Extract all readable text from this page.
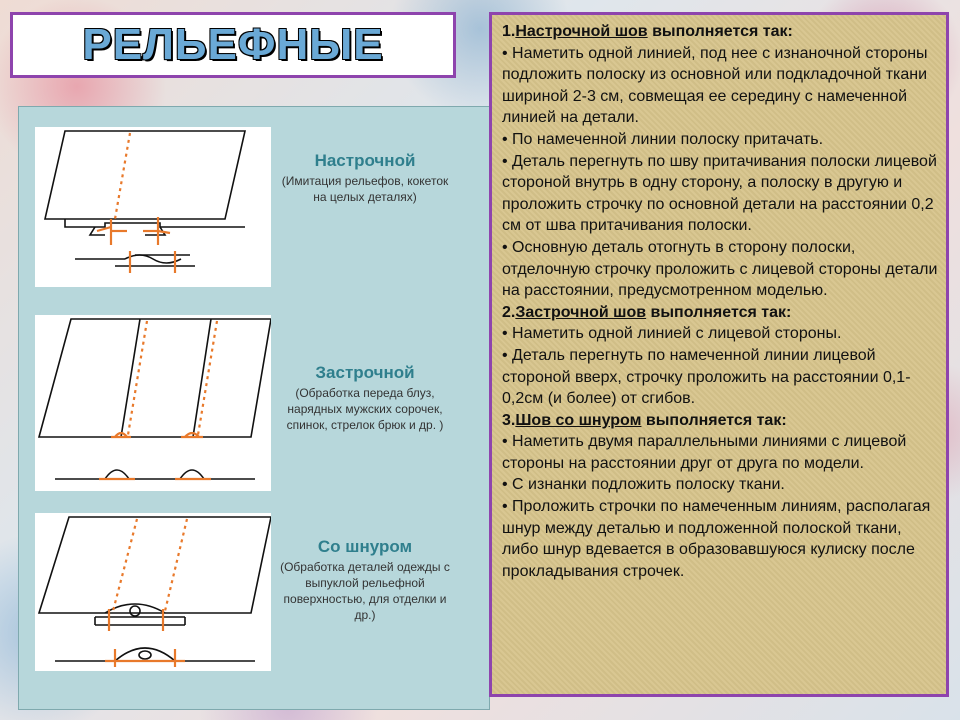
РЕЛЬЕФНЫЕ
Настрочной
(Имитация рельефов, кокеток на целых деталях)
Застрочной
(Обработка переда блуз, нарядных мужских сорочек, спинок, стрелок брюк и др. )
Со шнуром
(Обработка деталей одежды с выпуклой рельефной поверхностью, для отделки и др.)

1.Настрочной шов выполняется так:

• Наметить одной линией, под нее с изнаночной стороны подложить полоску из основной или подкладочной ткани шириной 2-3 см, совмещая ее середину с намеченной линией на детали.

• По намеченной линии полоску притачать.

• Деталь перегнуть по шву притачивания полоски лицевой стороной внутрь в одну сторону, а полоску в другую и проложить строчку по основной детали на расстоянии 0,2 см от шва притачивания полоски.

• Основную деталь отогнуть в сторону полоски, отделочную строчку проложить с лицевой стороны детали на расстоянии, предусмотренном моделью.

2.Застрочной шов выполняется так:

• Наметить одной линией с лицевой стороны.

• Деталь перегнуть по намеченной линии лицевой стороной вверх, строчку проложить на расстоянии 0,1-0,2см (и более) от сгибов.

3.Шов со шнуром выполняется так:

• Наметить двумя параллельными линиями с лицевой стороны на расстоянии друг от друга по модели.

• С изнанки подложить полоску ткани.

• Проложить строчки по намеченным линиям, располагая шнур между деталью и подложенной полоской ткани, либо шнур вдевается в образовавшуюся кулиску после прокладывания строчек.
